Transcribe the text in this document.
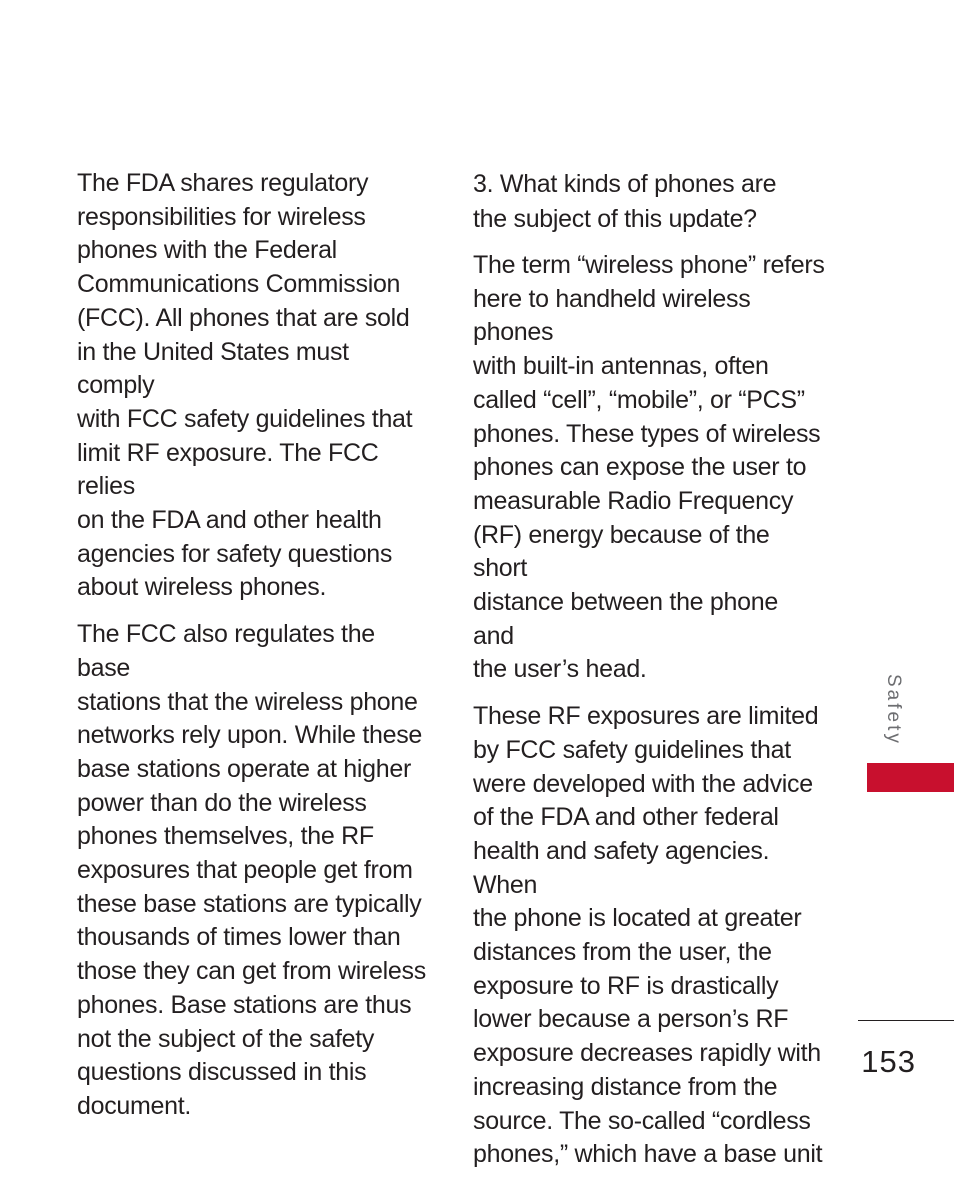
The FDA shares regulatory
responsibilities for wireless
phones with the Federal
Communications Commission
(FCC). All phones that are sold
in the United States must comply
with FCC safety guidelines that
limit RF exposure. The FCC relies
on the FDA and other health
agencies for safety questions
about wireless phones.

The FCC also regulates the base
stations that the wireless phone
networks rely upon. While these
base stations operate at higher
power than do the wireless
phones themselves, the RF
exposures that people get from
these base stations are typically
thousands of times lower than
those they can get from wireless
phones. Base stations are thus
not the subject of the safety
questions discussed in this
document.

3. What kinds of phones are
the subject of this update?

The term “wireless phone” refers
here to handheld wireless phones
with built-in antennas, often
called “cell”, “mobile”, or “PCS”
phones. These types of wireless
phones can expose the user to
measurable Radio Frequency
(RF) energy because of the short
distance between the phone and
the user’s head.

These RF exposures are limited
by FCC safety guidelines that
were developed with the advice
of the FDA and other federal
health and safety agencies. When
the phone is located at greater
distances from the user, the
exposure to RF is drastically
lower because a person’s RF
exposure decreases rapidly with
increasing distance from the
source. The so-called “cordless
phones,” which have a base unit

Safety
153
